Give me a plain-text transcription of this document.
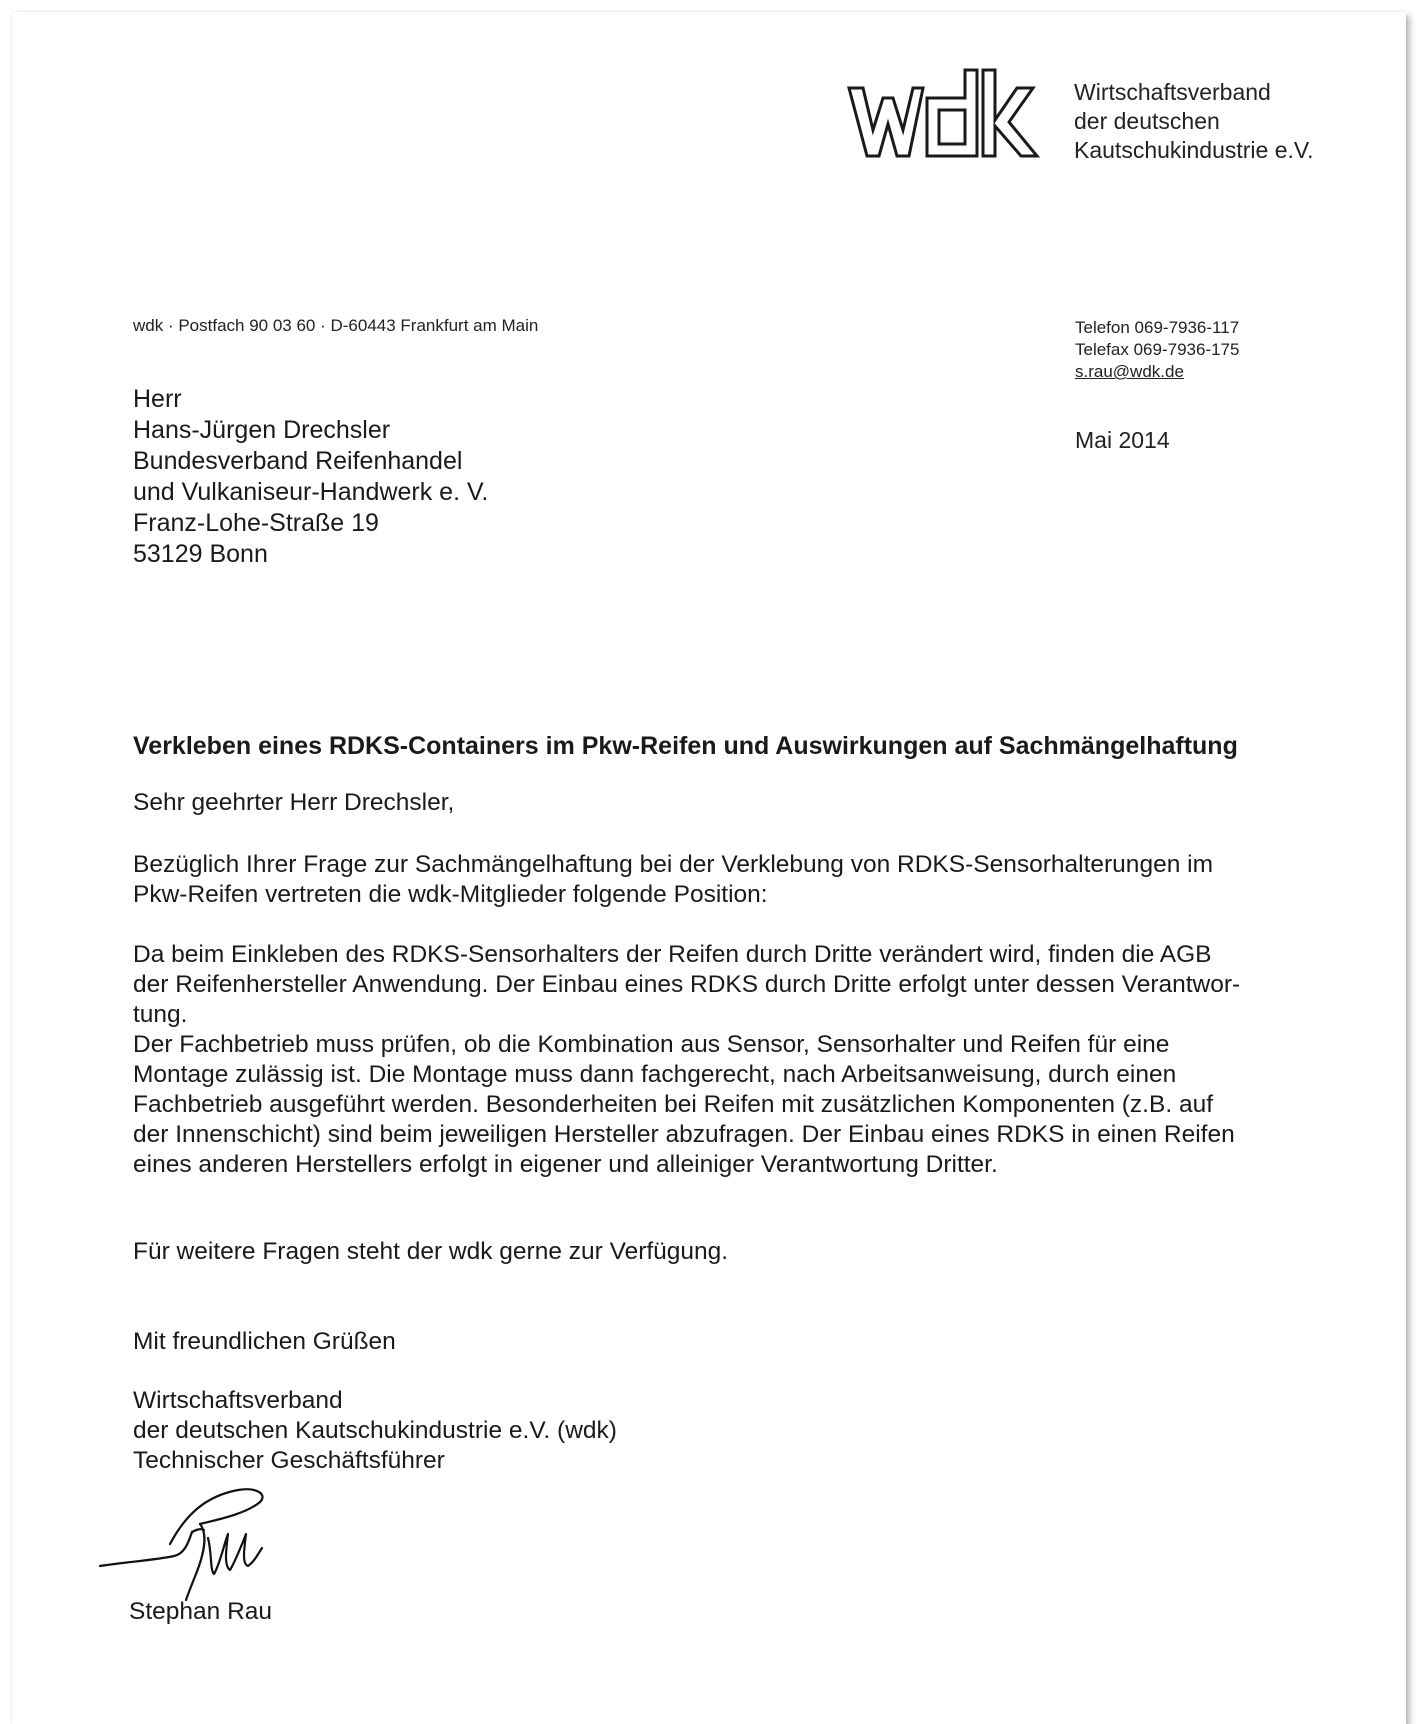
Wirtschaftsverband
der deutschen
Kautschukindustrie e.V.
wdk · Postfach 90 03 60 · D-60443 Frankfurt am Main	Telefon 069-7936-117
Telefax 069-7936-175
s.rau@wdk.de
Mai 2014
Herr
Hans-Jürgen Drechsler
Bundesverband Reifenhandel
und Vulkaniseur-Handwerk e. V.
Franz-Lohe-Straße 19
53129 Bonn
Verkleben eines RDKS-Containers im Pkw-Reifen und Auswirkungen auf Sachmängelhaftung
Sehr geehrter Herr Drechsler,
Bezüglich Ihrer Frage zur Sachmängelhaftung bei der Verklebung von RDKS-Sensorhalterungen im
Pkw-Reifen vertreten die wdk-Mitglieder folgende Position:
Da beim Einkleben des RDKS-Sensorhalters der Reifen durch Dritte verändert wird, finden die AGB
der Reifenhersteller Anwendung. Der Einbau eines RDKS durch Dritte erfolgt unter dessen Verantwor-
tung.
Der Fachbetrieb muss prüfen, ob die Kombination aus Sensor, Sensorhalter und Reifen für eine
Montage zulässig ist. Die Montage muss dann fachgerecht, nach Arbeitsanweisung, durch einen
Fachbetrieb ausgeführt werden. Besonderheiten bei Reifen mit zusätzlichen Komponenten (z.B. auf
der Innenschicht) sind beim jeweiligen Hersteller abzufragen. Der Einbau eines RDKS in einen Reifen
eines anderen Herstellers erfolgt in eigener und alleiniger Verantwortung Dritter.
Für weitere Fragen steht der wdk gerne zur Verfügung.
Mit freundlichen Grüßen
Wirtschaftsverband
der deutschen Kautschukindustrie e.V. (wdk)
Technischer Geschäftsführer
Stephan Rau
